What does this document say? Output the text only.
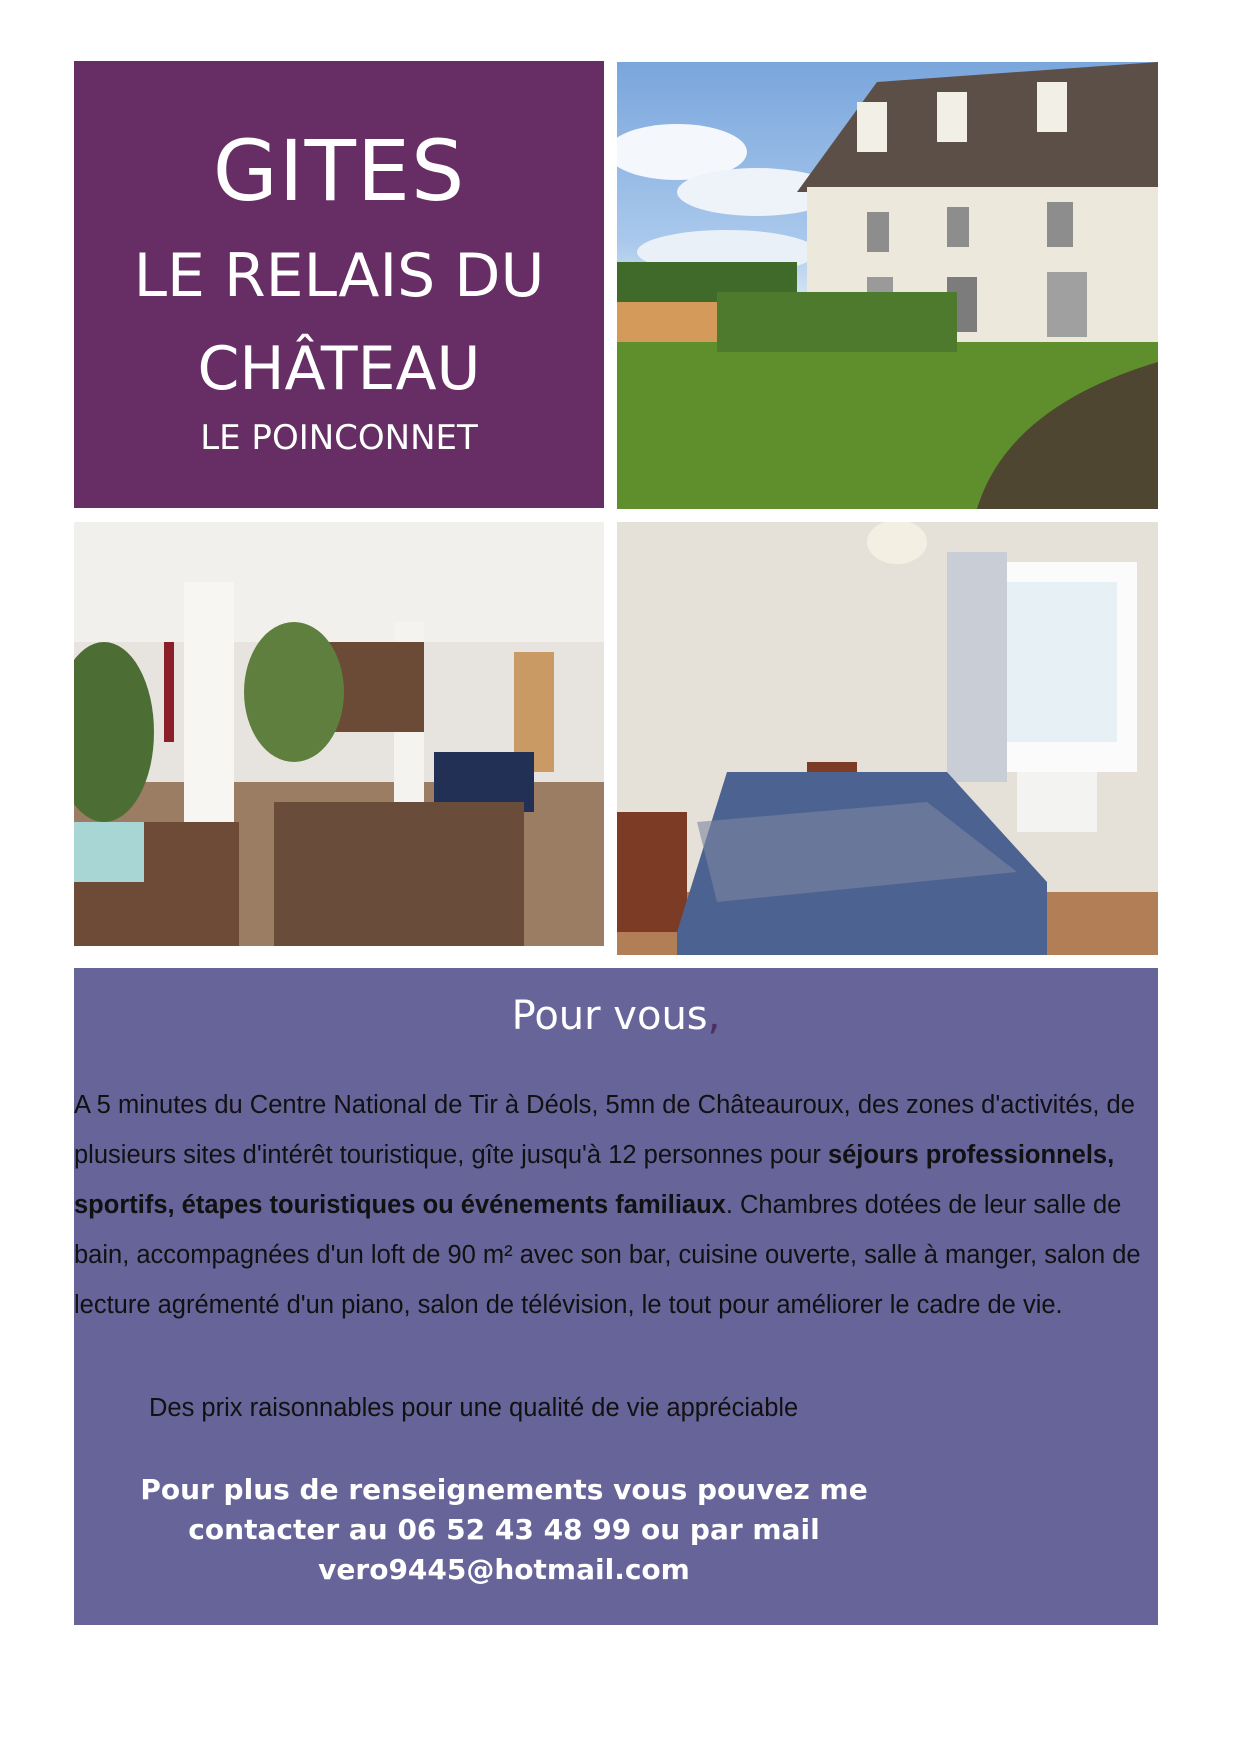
GITES
LE RELAIS DU
CHÂTEAU
LE POINCONNET
Pour vous,
A 5 minutes du Centre National de Tir à Déols, 5mn de Châteauroux, des zones d'activités, de plusieurs sites d'intérêt touristique, gîte jusqu'à 12 personnes pour séjours professionnels, sportifs, étapes touristiques ou événements familiaux. Chambres dotées de leur salle de bain, accompagnées d'un loft de 90 m² avec son bar, cuisine ouverte, salle à manger, salon de lecture agrémenté d'un piano, salon de télévision, le tout pour améliorer le cadre de vie.
Des prix raisonnables pour une qualité de vie appréciable
Pour plus de renseignements vous pouvez me
contacter au 06 52 43 48 99 ou par mail
vero9445@hotmail.com
